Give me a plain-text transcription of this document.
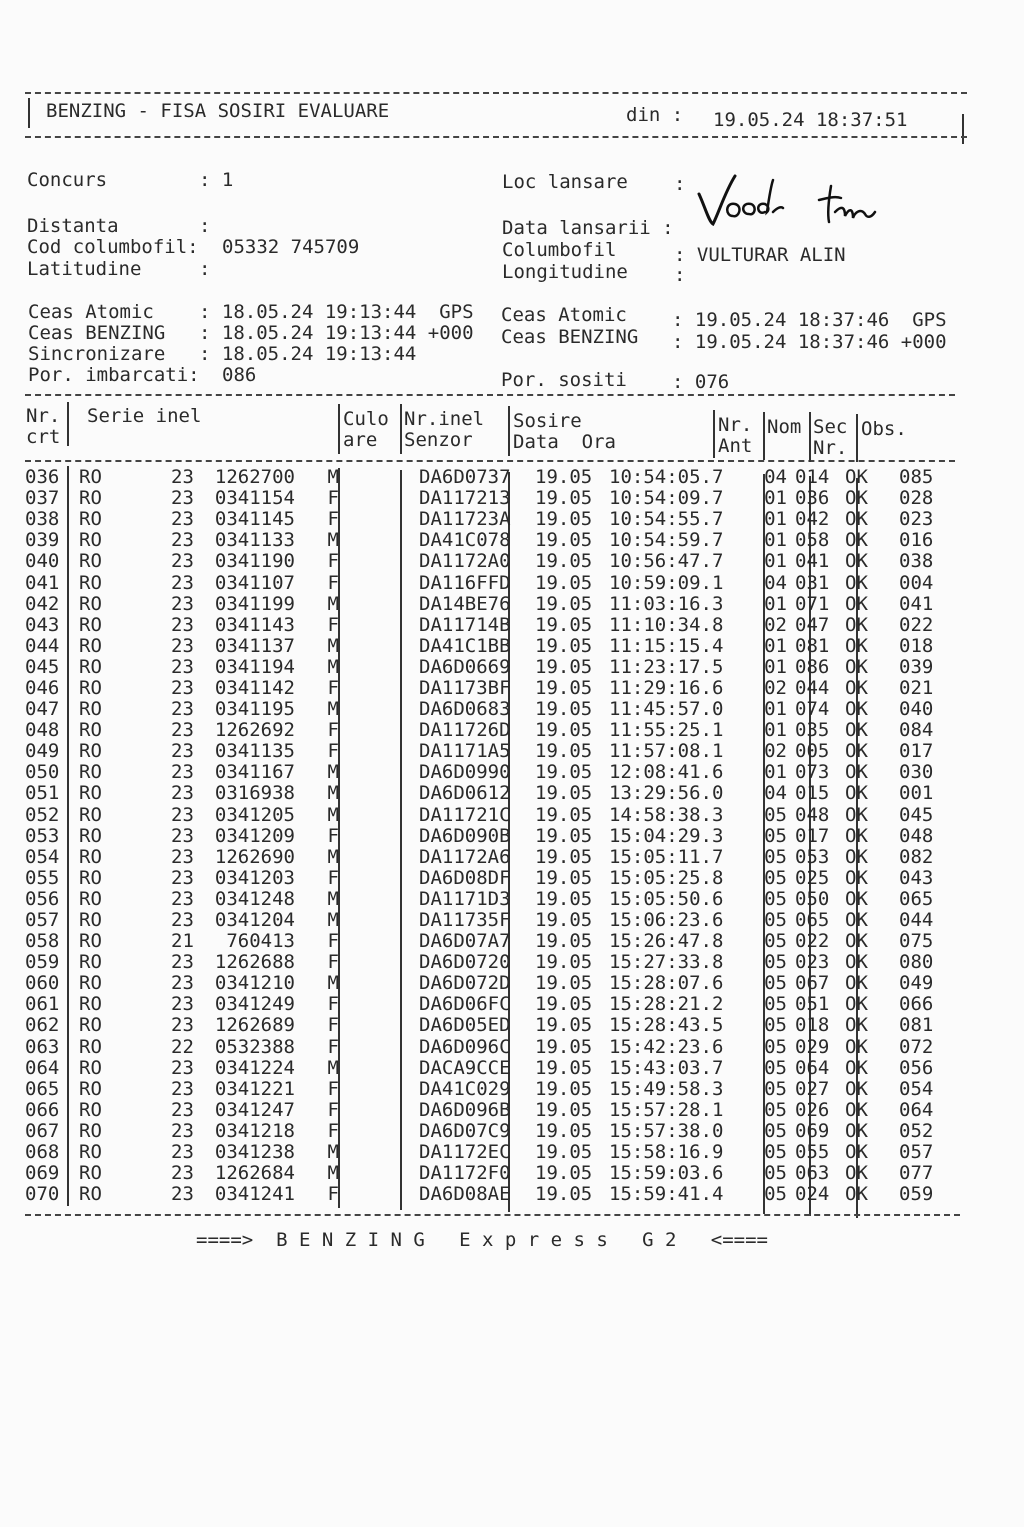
BENZING - FISA SOSIRI EVALUARE	din : 19.05.24 18:37:51
Concurs	: 1
Distanta	:
Cod columbofil: 05332 745709
Latitudine	:
Loc lansare :
Data lansarii :
Columbofil	: VULTURAR ALIN
Longitudine :
Ceas Atomic : 18.05.24 19:13:44  GPS
Ceas BENZING : 18.05.24 19:13:44 +000
Sincronizare : 18.05.24 19:13:44
Por. imbarcati: 086
Ceas Atomic : 19.05.24 18:37:46  GPS
Ceas BENZING : 19.05.24 18:37:46 +000
Por. sositi : 076
Nr.
crt
Serie inel	Culo
are
Nr.inel
Senzor
Sosire
Data  Ora
Nr.
Ant
Nom Sec
Nr.
Obs.
036	RO	23	1262700	M		DA6D0737	19.05	10:54:05.7	04	014	OK	085
037	RO	23	0341154	F		DA117213	19.05	10:54:09.7	01	036	OK	028
038	RO	23	0341145	F		DA11723A	19.05	10:54:55.7	01	042	OK	023
039	RO	23	0341133	M		DA41C078	19.05	10:54:59.7	01	058	OK	016
040	RO	23	0341190	F		DA1172A0	19.05	10:56:47.7	01	041	OK	038
041	RO	23	0341107	F		DA116FFD	19.05	10:59:09.1	04	031	OK	004
042	RO	23	0341199	M		DA14BE76	19.05	11:03:16.3	01	071	OK	041
043	RO	23	0341143	F		DA11714B	19.05	11:10:34.8	02	047	OK	022
044	RO	23	0341137	M		DA41C1BB	19.05	11:15:15.4	01	081	OK	018
045	RO	23	0341194	M		DA6D0669	19.05	11:23:17.5	01	086	OK	039
046	RO	23	0341142	F		DA1173BF	19.05	11:29:16.6	02	044	OK	021
047	RO	23	0341195	M		DA6D0683	19.05	11:45:57.0	01	074	OK	040
048	RO	23	1262692	F		DA11726D	19.05	11:55:25.1	01	035	OK	084
049	RO	23	0341135	F		DA1171A5	19.05	11:57:08.1	02	005	OK	017
050	RO	23	0341167	M		DA6D0990	19.05	12:08:41.6	01	073	OK	030
051	RO	23	0316938	M		DA6D0612	19.05	13:29:56.0	04	015	OK	001
052	RO	23	0341205	M		DA11721C	19.05	14:58:38.3	05	048	OK	045
053	RO	23	0341209	F		DA6D090B	19.05	15:04:29.3	05	017	OK	048
054	RO	23	1262690	M		DA1172A6	19.05	15:05:11.7	05	053	OK	082
055	RO	23	0341203	F		DA6D08DF	19.05	15:05:25.8	05	025	OK	043
056	RO	23	0341248	M		DA1171D3	19.05	15:05:50.6	05	050	OK	065
057	RO	23	0341204	M		DA11735F	19.05	15:06:23.6	05	065	OK	044
058	RO	21	760413	F		DA6D07A7	19.05	15:26:47.8	05	022	OK	075
059	RO	23	1262688	F		DA6D0720	19.05	15:27:33.8	05	023	OK	080
060	RO	23	0341210	M		DA6D072D	19.05	15:28:07.6	05	067	OK	049
061	RO	23	0341249	F		DA6D06FC	19.05	15:28:21.2	05	051	OK	066
062	RO	23	1262689	F		DA6D05ED	19.05	15:28:43.5	05	018	OK	081
063	RO	22	0532388	F		DA6D096C	19.05	15:42:23.6	05	029	OK	072
064	RO	23	0341224	M		DACA9CCE	19.05	15:43:03.7	05	064	OK	056
065	RO	23	0341221	F		DA41C029	19.05	15:49:58.3	05	027	OK	054
066	RO	23	0341247	F		DA6D096B	19.05	15:57:28.1	05	026	OK	064
067	RO	23	0341218	F		DA6D07C9	19.05	15:57:38.0	05	069	OK	052
068	RO	23	0341238	M		DA1172EC	19.05	15:58:16.9	05	055	OK	057
069	RO	23	1262684	M		DA1172F0	19.05	15:59:03.6	05	063	OK	077
070	RO	23	0341241	F		DA6D08AE	19.05	15:59:41.4	05	024	OK	059
====>  B E N Z I N G   E x p r e s s   G 2   <====
